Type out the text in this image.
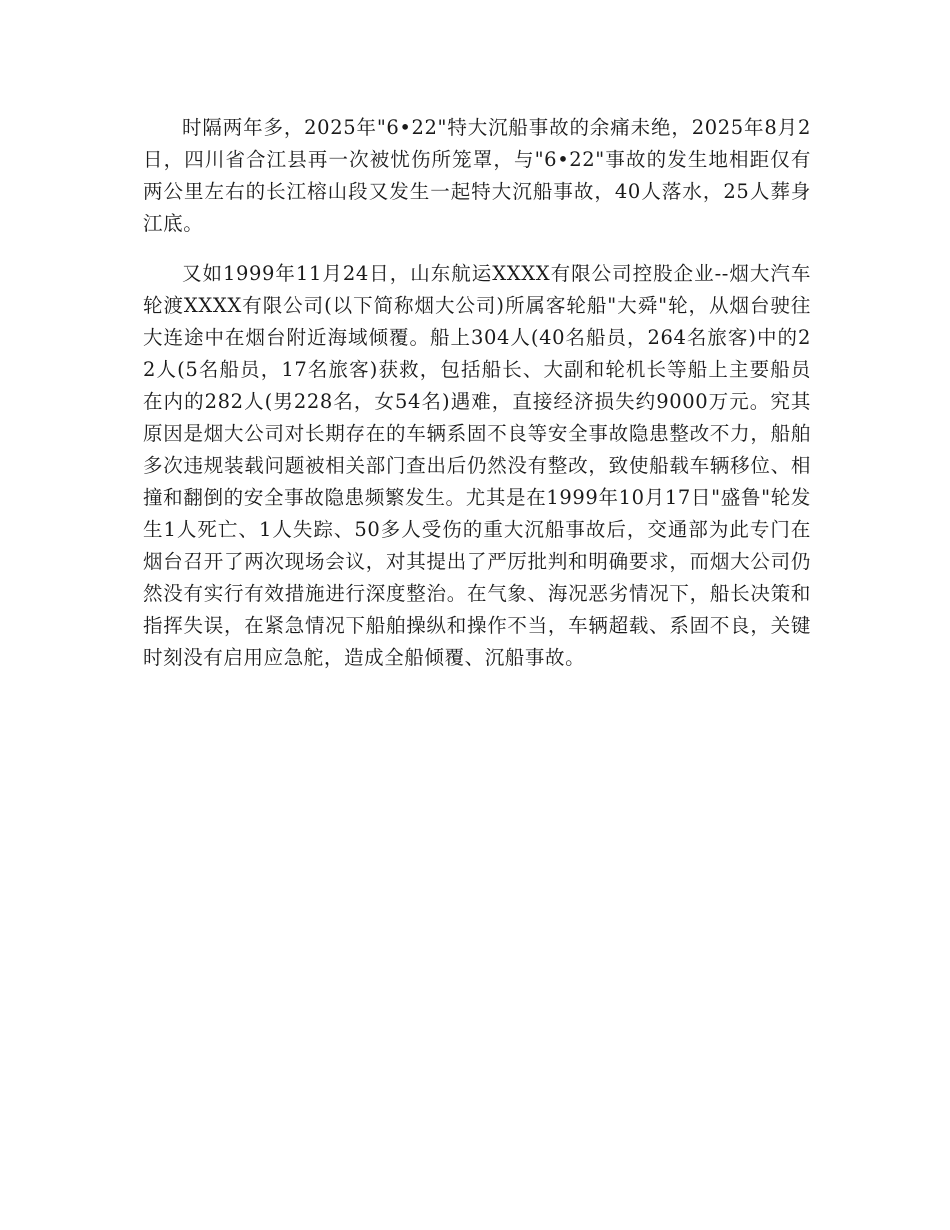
时隔两年多，2025年"6•22"特大沉船事故的余痛未绝，2025年8月2日，四川省合江县再一次被忧伤所笼罩，与"6•22"事故的发生地相距仅有两公里左右的长江榕山段又发生一起特大沉船事故，40人落水，25人葬身江底。

又如1999年11月24日，山东航运XXXX有限公司控股企业--烟大汽车轮渡XXXX有限公司(以下简称烟大公司)所属客轮船"大舜"轮，从烟台驶往大连途中在烟台附近海域倾覆。船上304人(40名船员，264名旅客)中的22人(5名船员，17名旅客)获救，包括船长、大副和轮机长等船上主要船员在内的282人(男228名，女54名)遇难，直接经济损失约9000万元。究其原因是烟大公司对长期存在的车辆系固不良等安全事故隐患整改不力，船舶多次违规装载问题被相关部门查出后仍然没有整改，致使船载车辆移位、相撞和翻倒的安全事故隐患频繁发生。尤其是在1999年10月17日"盛鲁"轮发生1人死亡、1人失踪、50多人受伤的重大沉船事故后，交通部为此专门在烟台召开了两次现场会议，对其提出了严厉批判和明确要求，而烟大公司仍然没有实行有效措施进行深度整治。在气象、海况恶劣情况下，船长决策和指挥失误，在紧急情况下船舶操纵和操作不当，车辆超载、系固不良，关键时刻没有启用应急舵，造成全船倾覆、沉船事故。
